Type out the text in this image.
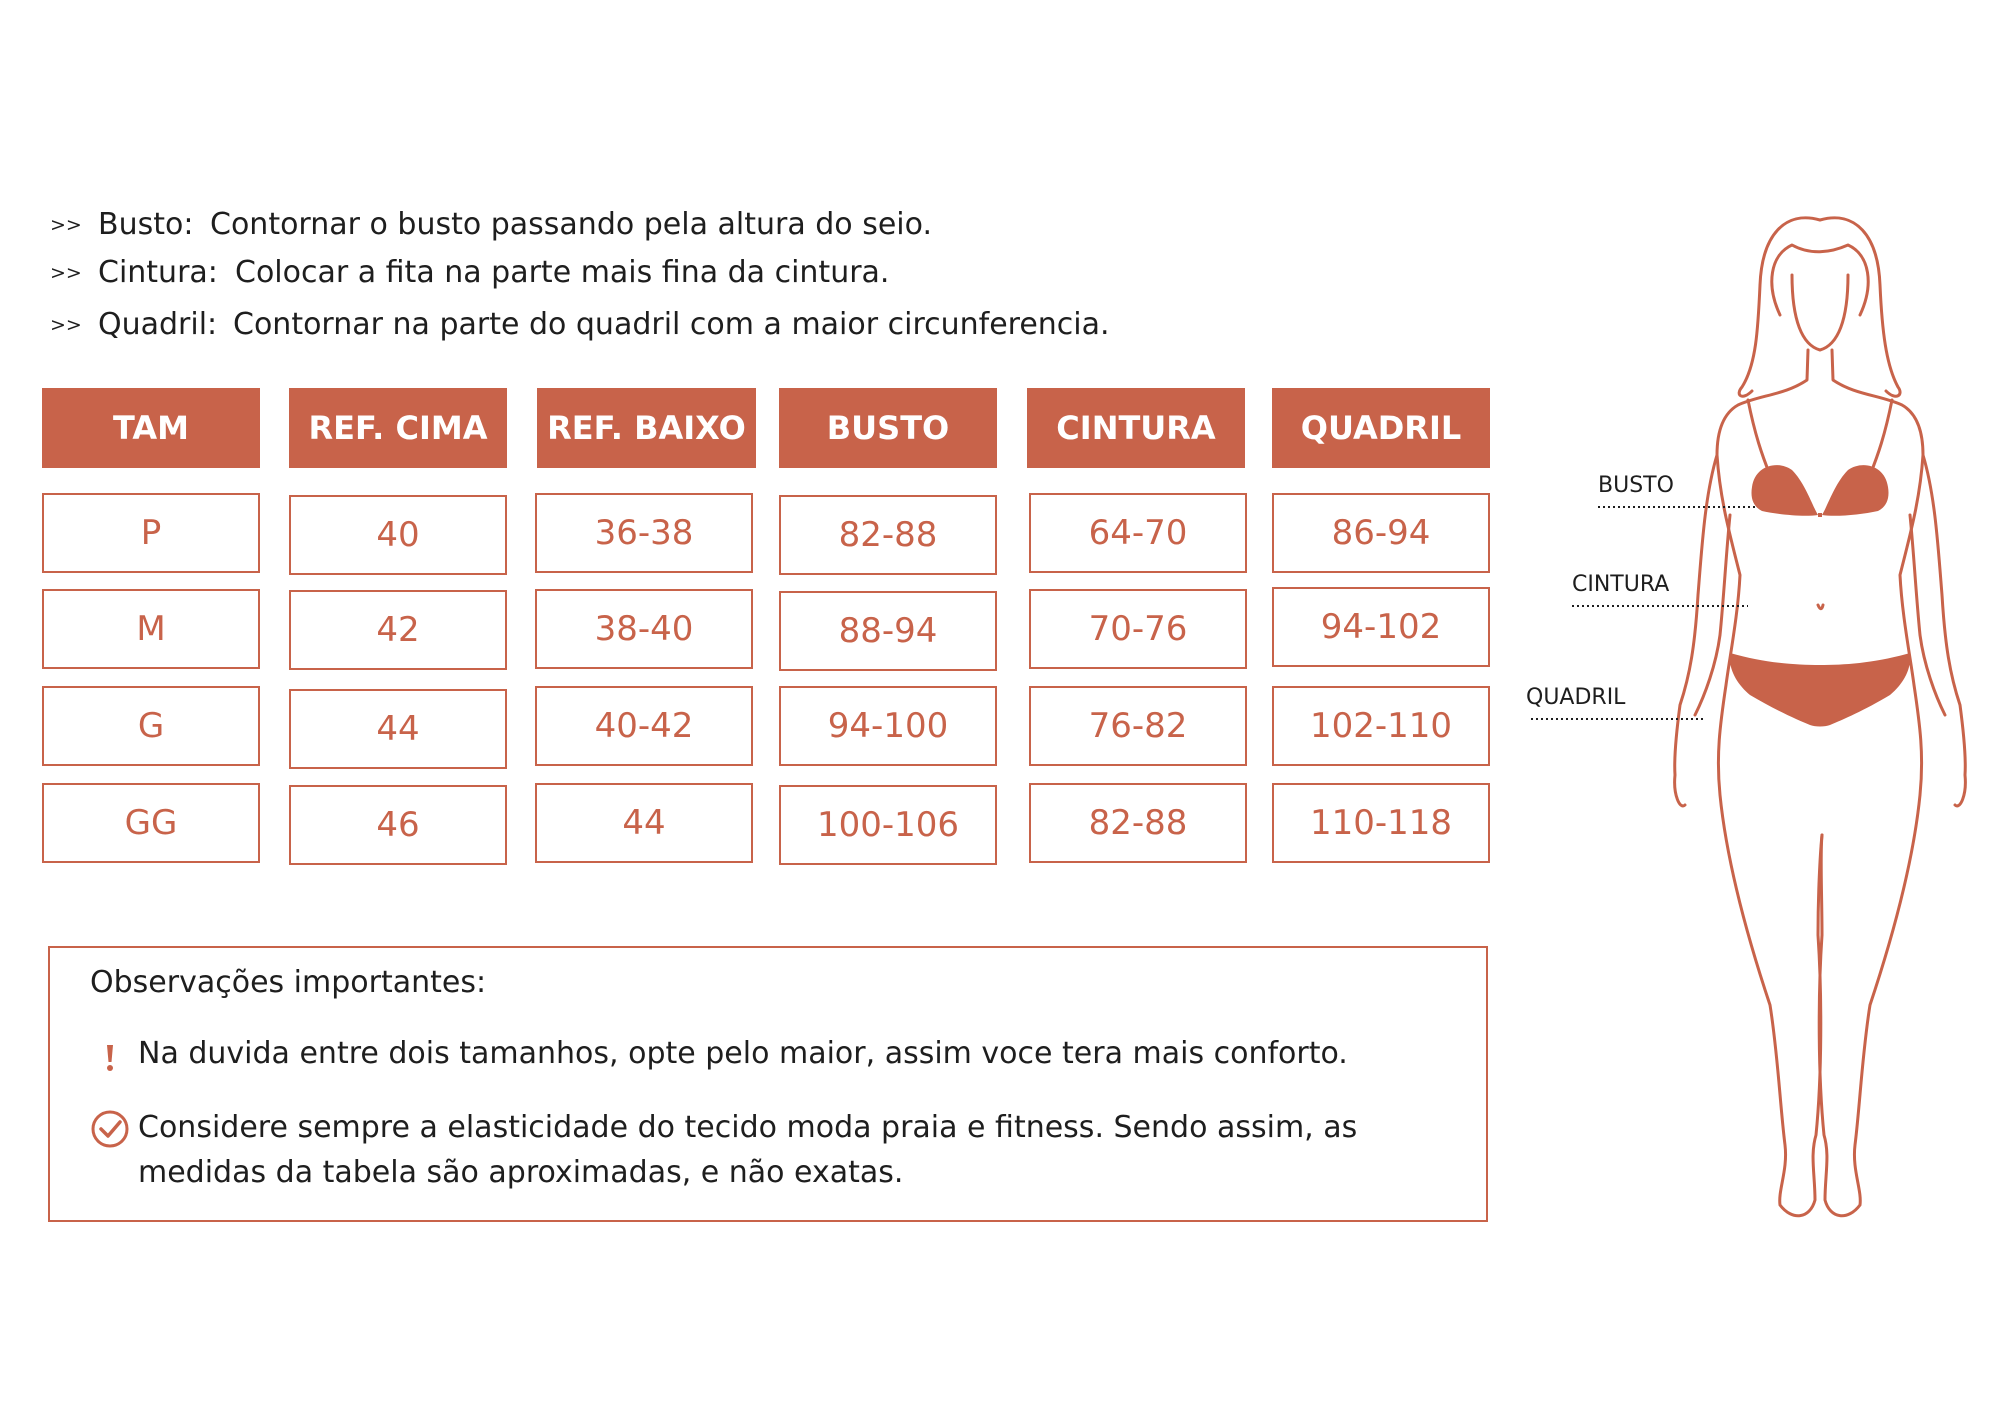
>> Busto: Contornar o busto passando pela altura do seio.
>> Cintura: Colocar a fita na parte mais fina da cintura.
>> Quadril: Contornar na parte do quadril com a maior circunferencia.
TAM	REF. CIMA	REF. BAIXO	BUSTO	CINTURA	QUADRIL
P	40	36-38	82-88	64-70	86-94
M	42	38-40	88-94	70-76	94-102
G	44	40-42	94-100	76-82	102-110
GG	46	44	100-106	82-88	110-118
Observações importantes:
Na duvida entre dois tamanhos, opte pelo maior, assim voce tera mais conforto.
Considere sempre a elasticidade do tecido moda praia e fitness. Sendo assim, as medidas da tabela são aproximadas, e não exatas.
BUSTO
CINTURA
QUADRIL
